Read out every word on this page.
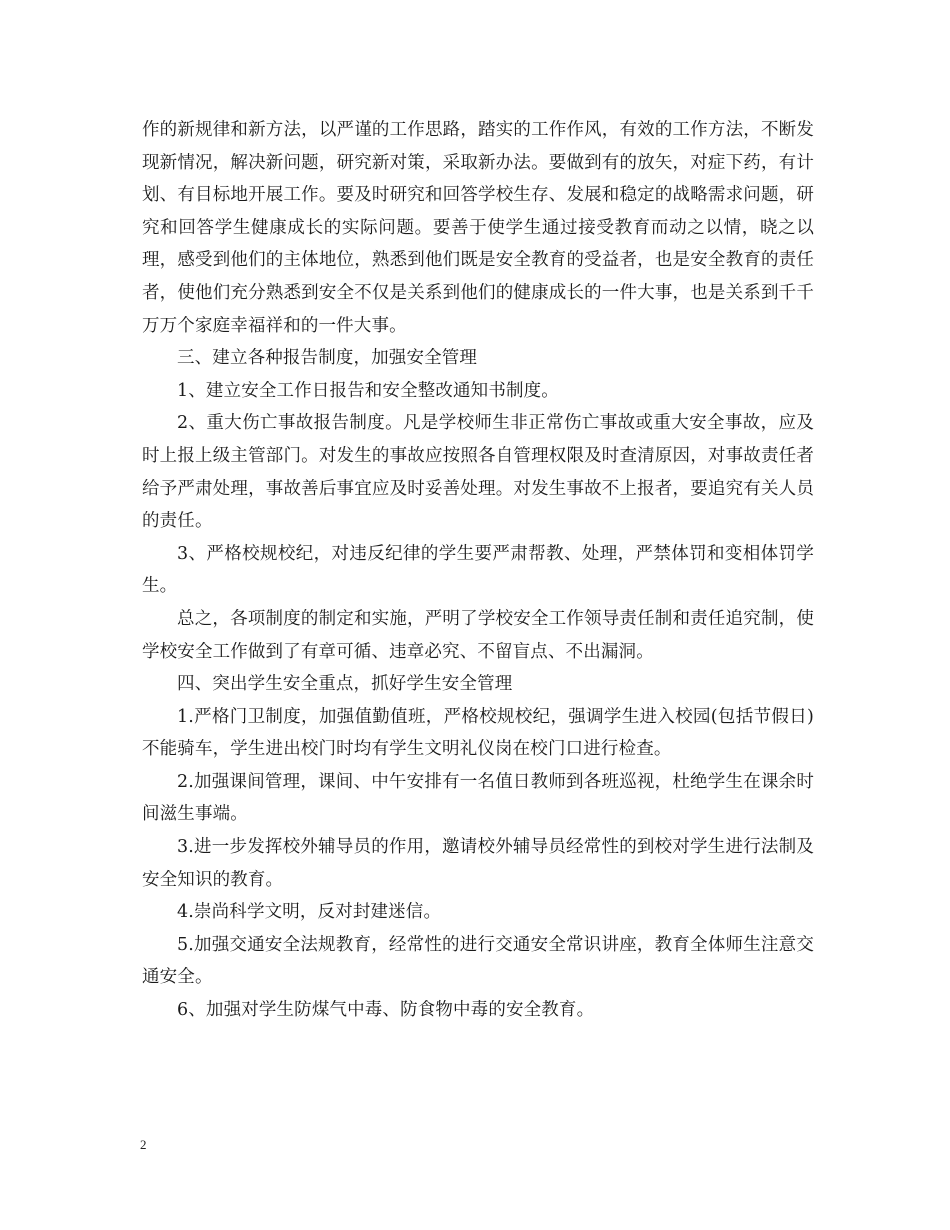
作的新规律和新方法，以严谨的工作思路，踏实的工作作风，有效的工作方法，不断发现新情况，解决新问题，研究新对策，采取新办法。要做到有的放矢，对症下药，有计划、有目标地开展工作。要及时研究和回答学校生存、发展和稳定的战略需求问题，研究和回答学生健康成长的实际问题。要善于使学生通过接受教育而动之以情，晓之以理，感受到他们的主体地位，熟悉到他们既是安全教育的受益者，也是安全教育的责任者，使他们充分熟悉到安全不仅是关系到他们的健康成长的一件大事，也是关系到千千万万个家庭幸福祥和的一件大事。

三、建立各种报告制度，加强安全管理

1、建立安全工作日报告和安全整改通知书制度。

2、重大伤亡事故报告制度。凡是学校师生非正常伤亡事故或重大安全事故，应及时上报上级主管部门。对发生的事故应按照各自管理权限及时查清原因，对事故责任者给予严肃处理，事故善后事宜应及时妥善处理。对发生事故不上报者，要追究有关人员的责任。

3、严格校规校纪，对违反纪律的学生要严肃帮教、处理，严禁体罚和变相体罚学生。

总之，各项制度的制定和实施，严明了学校安全工作领导责任制和责任追究制，使学校安全工作做到了有章可循、违章必究、不留盲点、不出漏洞。

四、突出学生安全重点，抓好学生安全管理

1.严格门卫制度，加强值勤值班，严格校规校纪，强调学生进入校园(包括节假日)不能骑车，学生进出校门时均有学生文明礼仪岗在校门口进行检查。

2.加强课间管理，课间、中午安排有一名值日教师到各班巡视，杜绝学生在课余时间滋生事端。

3.进一步发挥校外辅导员的作用，邀请校外辅导员经常性的到校对学生进行法制及安全知识的教育。

4.崇尚科学文明，反对封建迷信。

5.加强交通安全法规教育，经常性的进行交通安全常识讲座，教育全体师生注意交通安全。

6、加强对学生防煤气中毒、防食物中毒的安全教育。

2
